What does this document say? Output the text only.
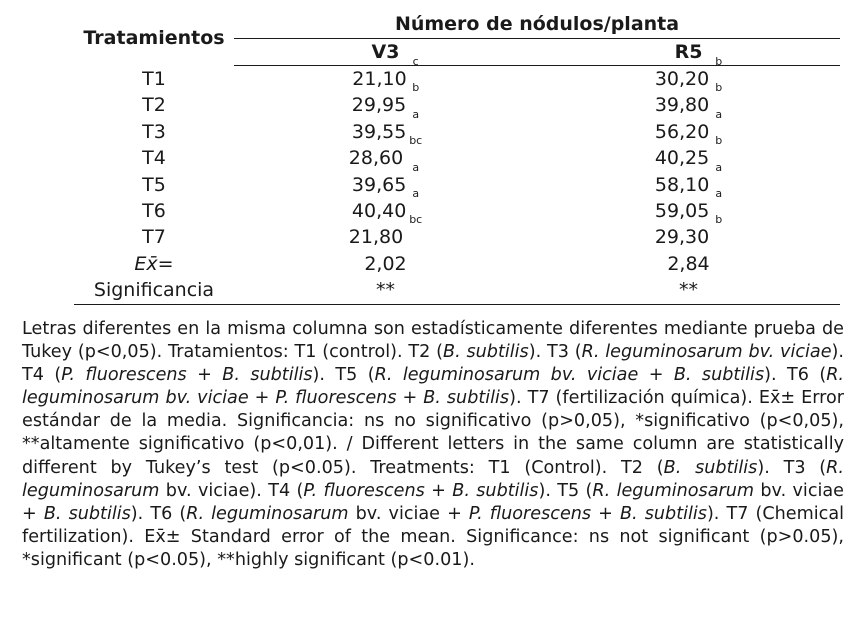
Tratamientos	Número de nódulos/planta	
	V3	R5
T1	21,10$^c$	30,20$^b$
T2	29,95$^b$	39,80$^b$
T3	39,55$^a$	56,20$^a$
T4	28,60$^{bc}$	40,25$^b$
T5	39,65$^a$	58,10$^a$
T6	40,40$^a$	59,05$^a$
T7	21,80$^{bc}$	29,30$^b$
Ex̄=	2,02	2,84
Significancia	**	**
Letras diferentes en la misma columna son estadísticamente diferentes mediante prueba de Tukey (p<0,05). Tratamientos: T1 (control). T2 (B. subtilis). T3 (R. leguminosarum bv. viciae). T4 (P. fluorescens + B. subtilis). T5 (R. leguminosarum bv. viciae + B. subtilis). T6 (R. leguminosarum bv. viciae + P. fluorescens + B. subtilis). T7 (fertilización química). Ex̄± Error estándar de la media. Significancia: ns no significativo (p>0,05), *significativo (p<0,05), **altamente significativo (p<0,01). / Different letters in the same column are statistically different by Tukey’s test (p<0.05). Treatments: T1 (Control). T2 (B. subtilis). T3 (R. leguminosarum bv. viciae). T4 (P. fluorescens + B. subtilis). T5 (R. leguminosarum bv. viciae + B. subtilis). T6 (R. leguminosarum bv. viciae + P. fluorescens + B. subtilis). T7 (Chemical fertilization). Ex̄± Standard error of the mean. Significance: ns not significant (p>0.05), *significant (p<0.05), **highly significant (p<0.01).
